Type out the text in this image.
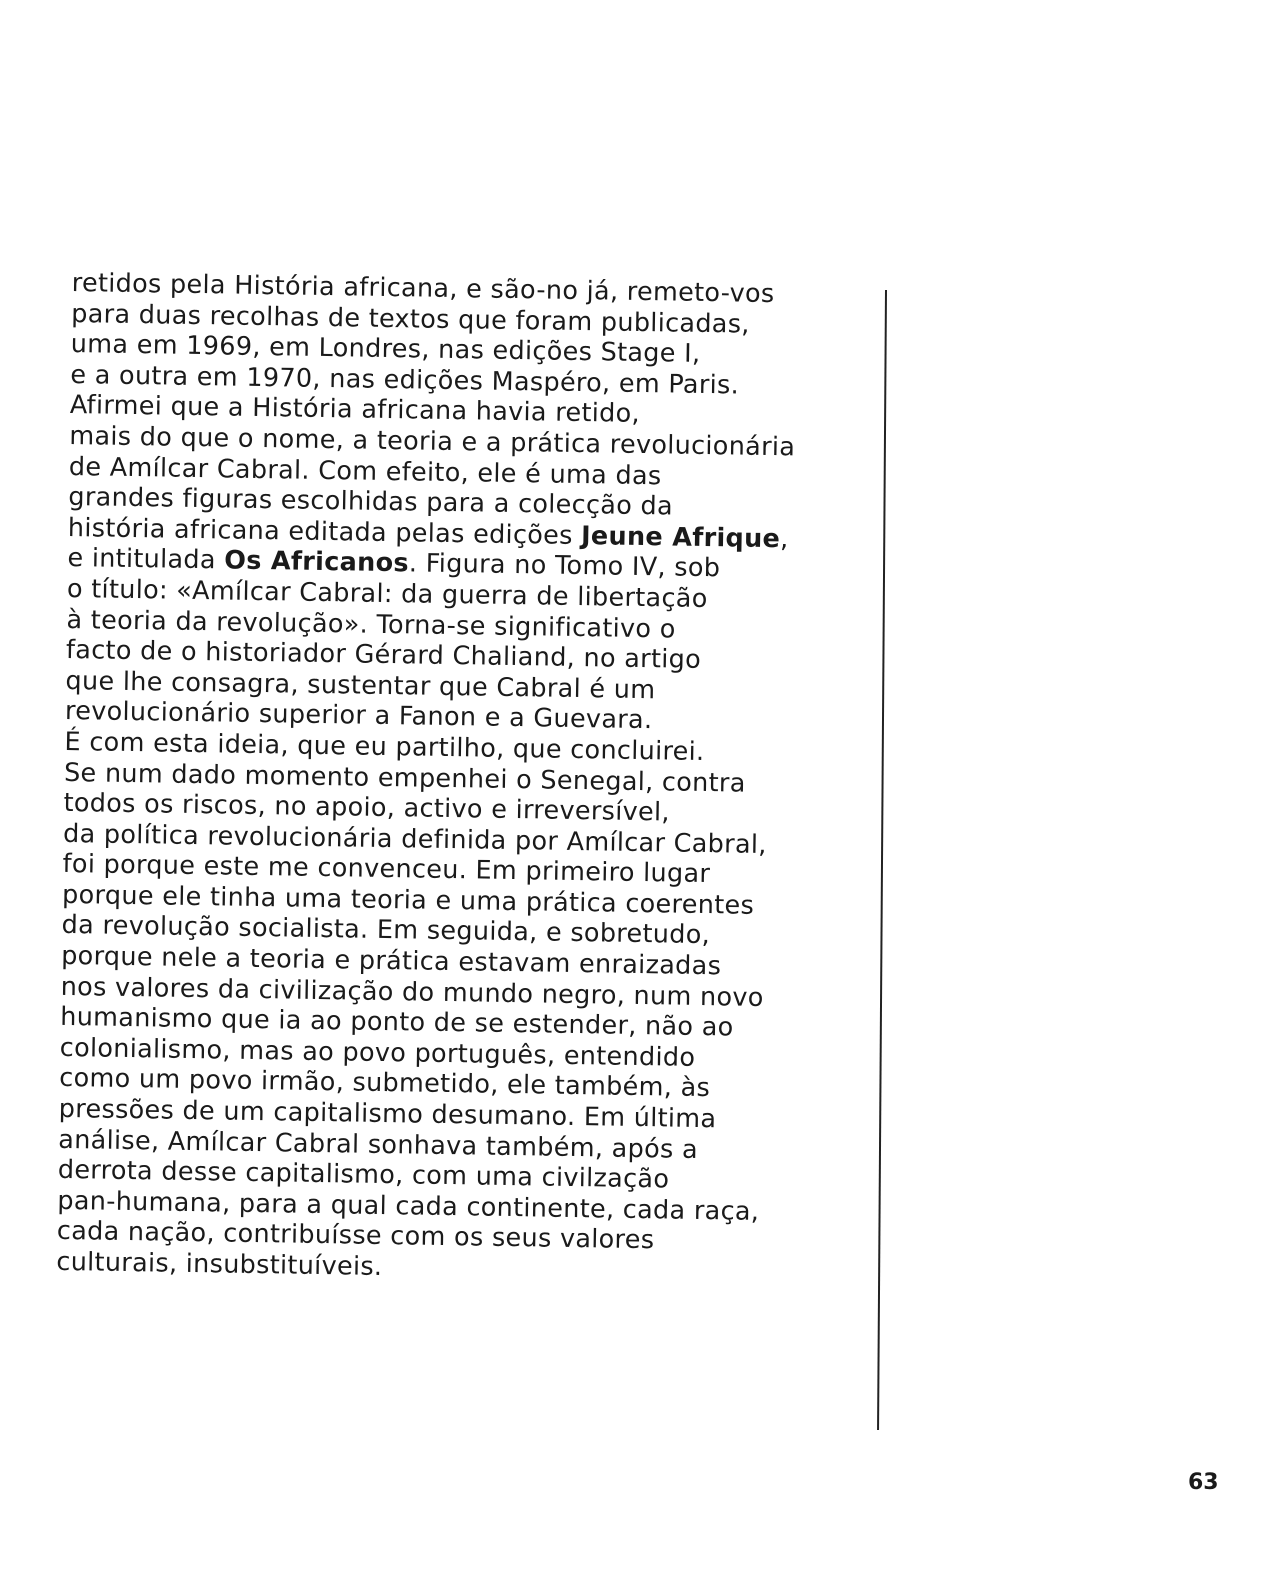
retidos pela História africana, e são-no já, remeto-vos
para duas recolhas de textos que foram publicadas,
uma em 1969, em Londres, nas edições Stage I,
e a outra em 1970, nas edições Maspéro, em Paris.
Afirmei que a História africana havia retido,
mais do que o nome, a teoria e a prática revolucionária
de Amílcar Cabral. Com efeito, ele é uma das
grandes figuras escolhidas para a colecção da
história africana editada pelas edições Jeune Afrique,
e intitulada Os Africanos. Figura no Tomo IV, sob
o título: «Amílcar Cabral: da guerra de libertação
à teoria da revolução». Torna-se significativo o
facto de o historiador Gérard Chaliand, no artigo
que lhe consagra, sustentar que Cabral é um
revolucionário superior a Fanon e a Guevara.
É com esta ideia, que eu partilho, que concluirei.
Se num dado momento empenhei o Senegal, contra
todos os riscos, no apoio, activo e irreversível,
da política revolucionária definida por Amílcar Cabral,
foi porque este me convenceu. Em primeiro lugar
porque ele tinha uma teoria e uma prática coerentes
da revolução socialista. Em seguida, e sobretudo,
porque nele a teoria e prática estavam enraizadas
nos valores da civilização do mundo negro, num novo
humanismo que ia ao ponto de se estender, não ao
colonialismo, mas ao povo português, entendido
como um povo irmão, submetido, ele também, às
pressões de um capitalismo desumano. Em última
análise, Amílcar Cabral sonhava também, após a
derrota desse capitalismo, com uma civilzação
pan-humana, para a qual cada continente, cada raça,
cada nação, contribuísse com os seus valores
culturais, insubstituíveis.
63
